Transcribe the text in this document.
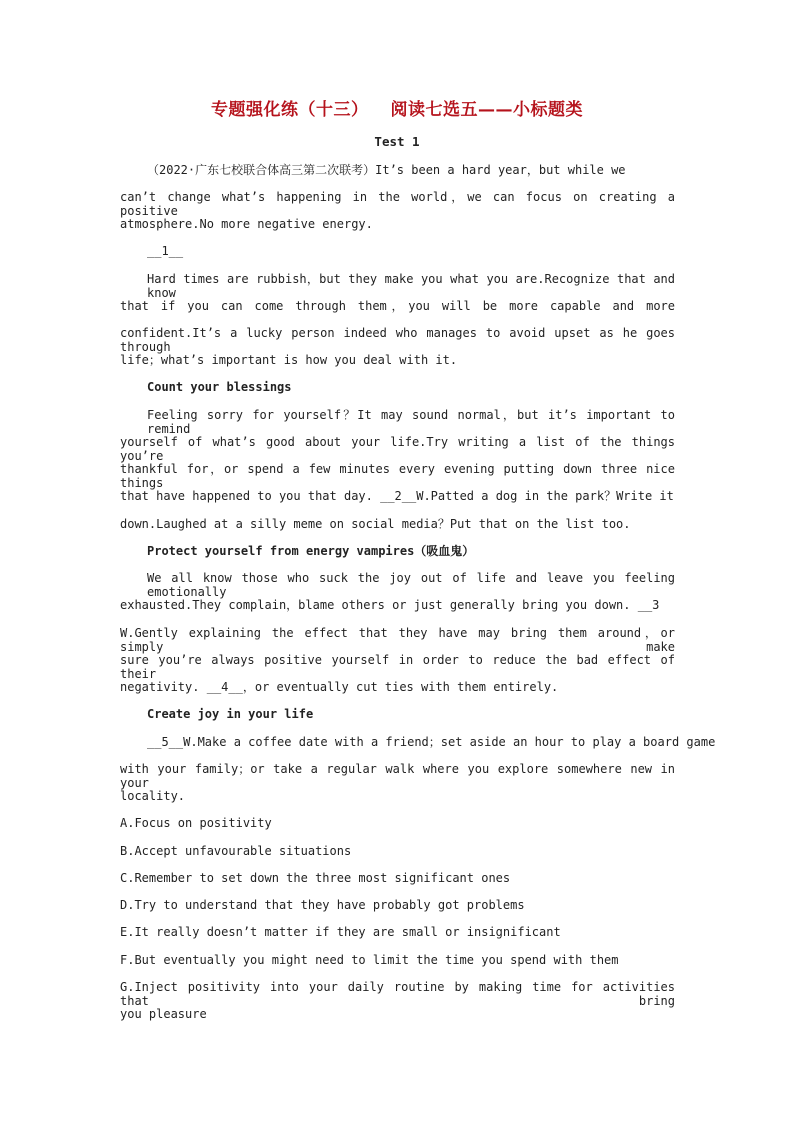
专题强化练（十三） 阅读七选五——小标题类
Test 1
（2022·广东七校联合体高三第二次联考）It’s been a hard year，but while we
can’t change what’s happening in the world，we can focus on creating a positive
atmosphere.No more negative energy.
__1__
Hard times are rubbish，but they make you what you are.Recognize that and know
that if you can come through them，you will be more capable and more
confident.It’s a lucky person indeed who manages to avoid upset as he goes through
life；what’s important is how you deal with it.
Count your blessings
Feeling sorry for yourself？It may sound normal，but it’s important to remind
yourself of what’s good about your life.Try writing a list of the things you’re
thankful for，or spend a few minutes every evening putting down three nice things
that have happened to you that day. __2__W.Patted a dog in the park？Write it
down.Laughed at a silly meme on social media？Put that on the list too.
Protect yourself from energy vampires（吸血鬼）
We all know those who suck the joy out of life and leave you feeling emotionally
exhausted.They complain，blame others or just generally bring you down. __3
W.Gently explaining the effect that they have may bring them around，or simply make
sure you’re always positive yourself in order to reduce the bad effect of their
negativity. __4__，or eventually cut ties with them entirely.
Create joy in your life
__5__W.Make a coffee date with a friend；set aside an hour to play a board game
with your family；or take a regular walk where you explore somewhere new in your
locality.
A.Focus on positivity
B.Accept unfavourable situations
C.Remember to set down the three most significant ones
D.Try to understand that they have probably got problems
E.It really doesn’t matter if they are small or insignificant
F.But eventually you might need to limit the time you spend with them
G.Inject positivity into your daily routine by making time for activities that bring
you pleasure
